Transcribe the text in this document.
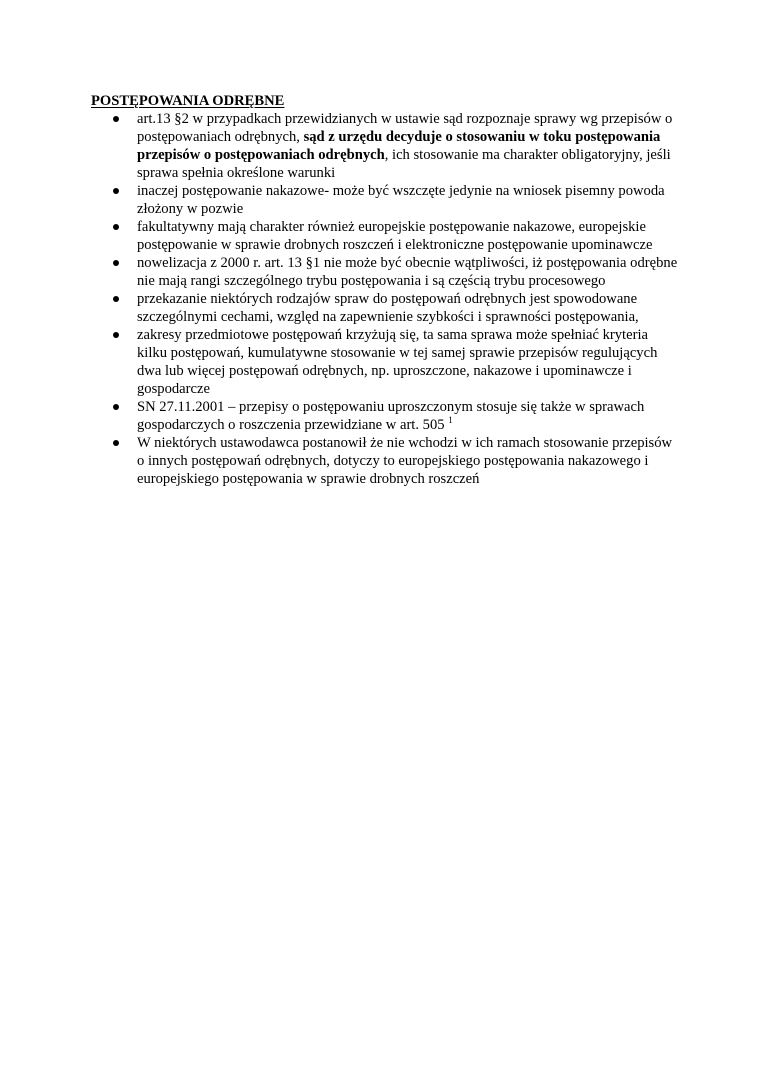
POSTĘPOWANIA ODRĘBNE

art.13 §2 w przypadkach przewidzianych w ustawie sąd rozpoznaje sprawy wg przepisów o postępowaniach odrębnych, sąd z urzędu decyduje o stosowaniu w toku postępowania przepisów o postępowaniach odrębnych, ich stosowanie ma charakter obligatoryjny, jeśli sprawa spełnia określone warunki
inaczej postępowanie nakazowe- może być wszczęte jedynie na wniosek pisemny powoda złożony w pozwie
fakultatywny mają charakter również europejskie postępowanie nakazowe, europejskie postępowanie w sprawie drobnych roszczeń i elektroniczne postępowanie upominawcze
nowelizacja z 2000 r. art. 13 §1 nie może być obecnie wątpliwości, iż postępowania odrębne nie mają rangi szczególnego trybu postępowania i są częścią trybu procesowego
przekazanie niektórych rodzajów spraw do postępowań odrębnych jest spowodowane szczególnymi cechami, względ na zapewnienie szybkości i sprawności postępowania,
zakresy przedmiotowe postępowań krzyżują się, ta sama sprawa może spełniać kryteria kilku postępowań, kumulatywne stosowanie w tej samej sprawie przepisów regulujących dwa lub więcej postępowań odrębnych, np. uproszczone, nakazowe i upominawcze i gospodarcze
SN 27.11.2001 – przepisy o postępowaniu uproszczonym stosuje się także w sprawach gospodarczych o roszczenia przewidziane w art. 505 $^1$
W niektórych ustawodawca postanowił że nie wchodzi w ich ramach stosowanie przepisów o innych postępowań odrębnych, dotyczy to europejskiego postępowania nakazowego i europejskiego postępowania w sprawie drobnych roszczeń
